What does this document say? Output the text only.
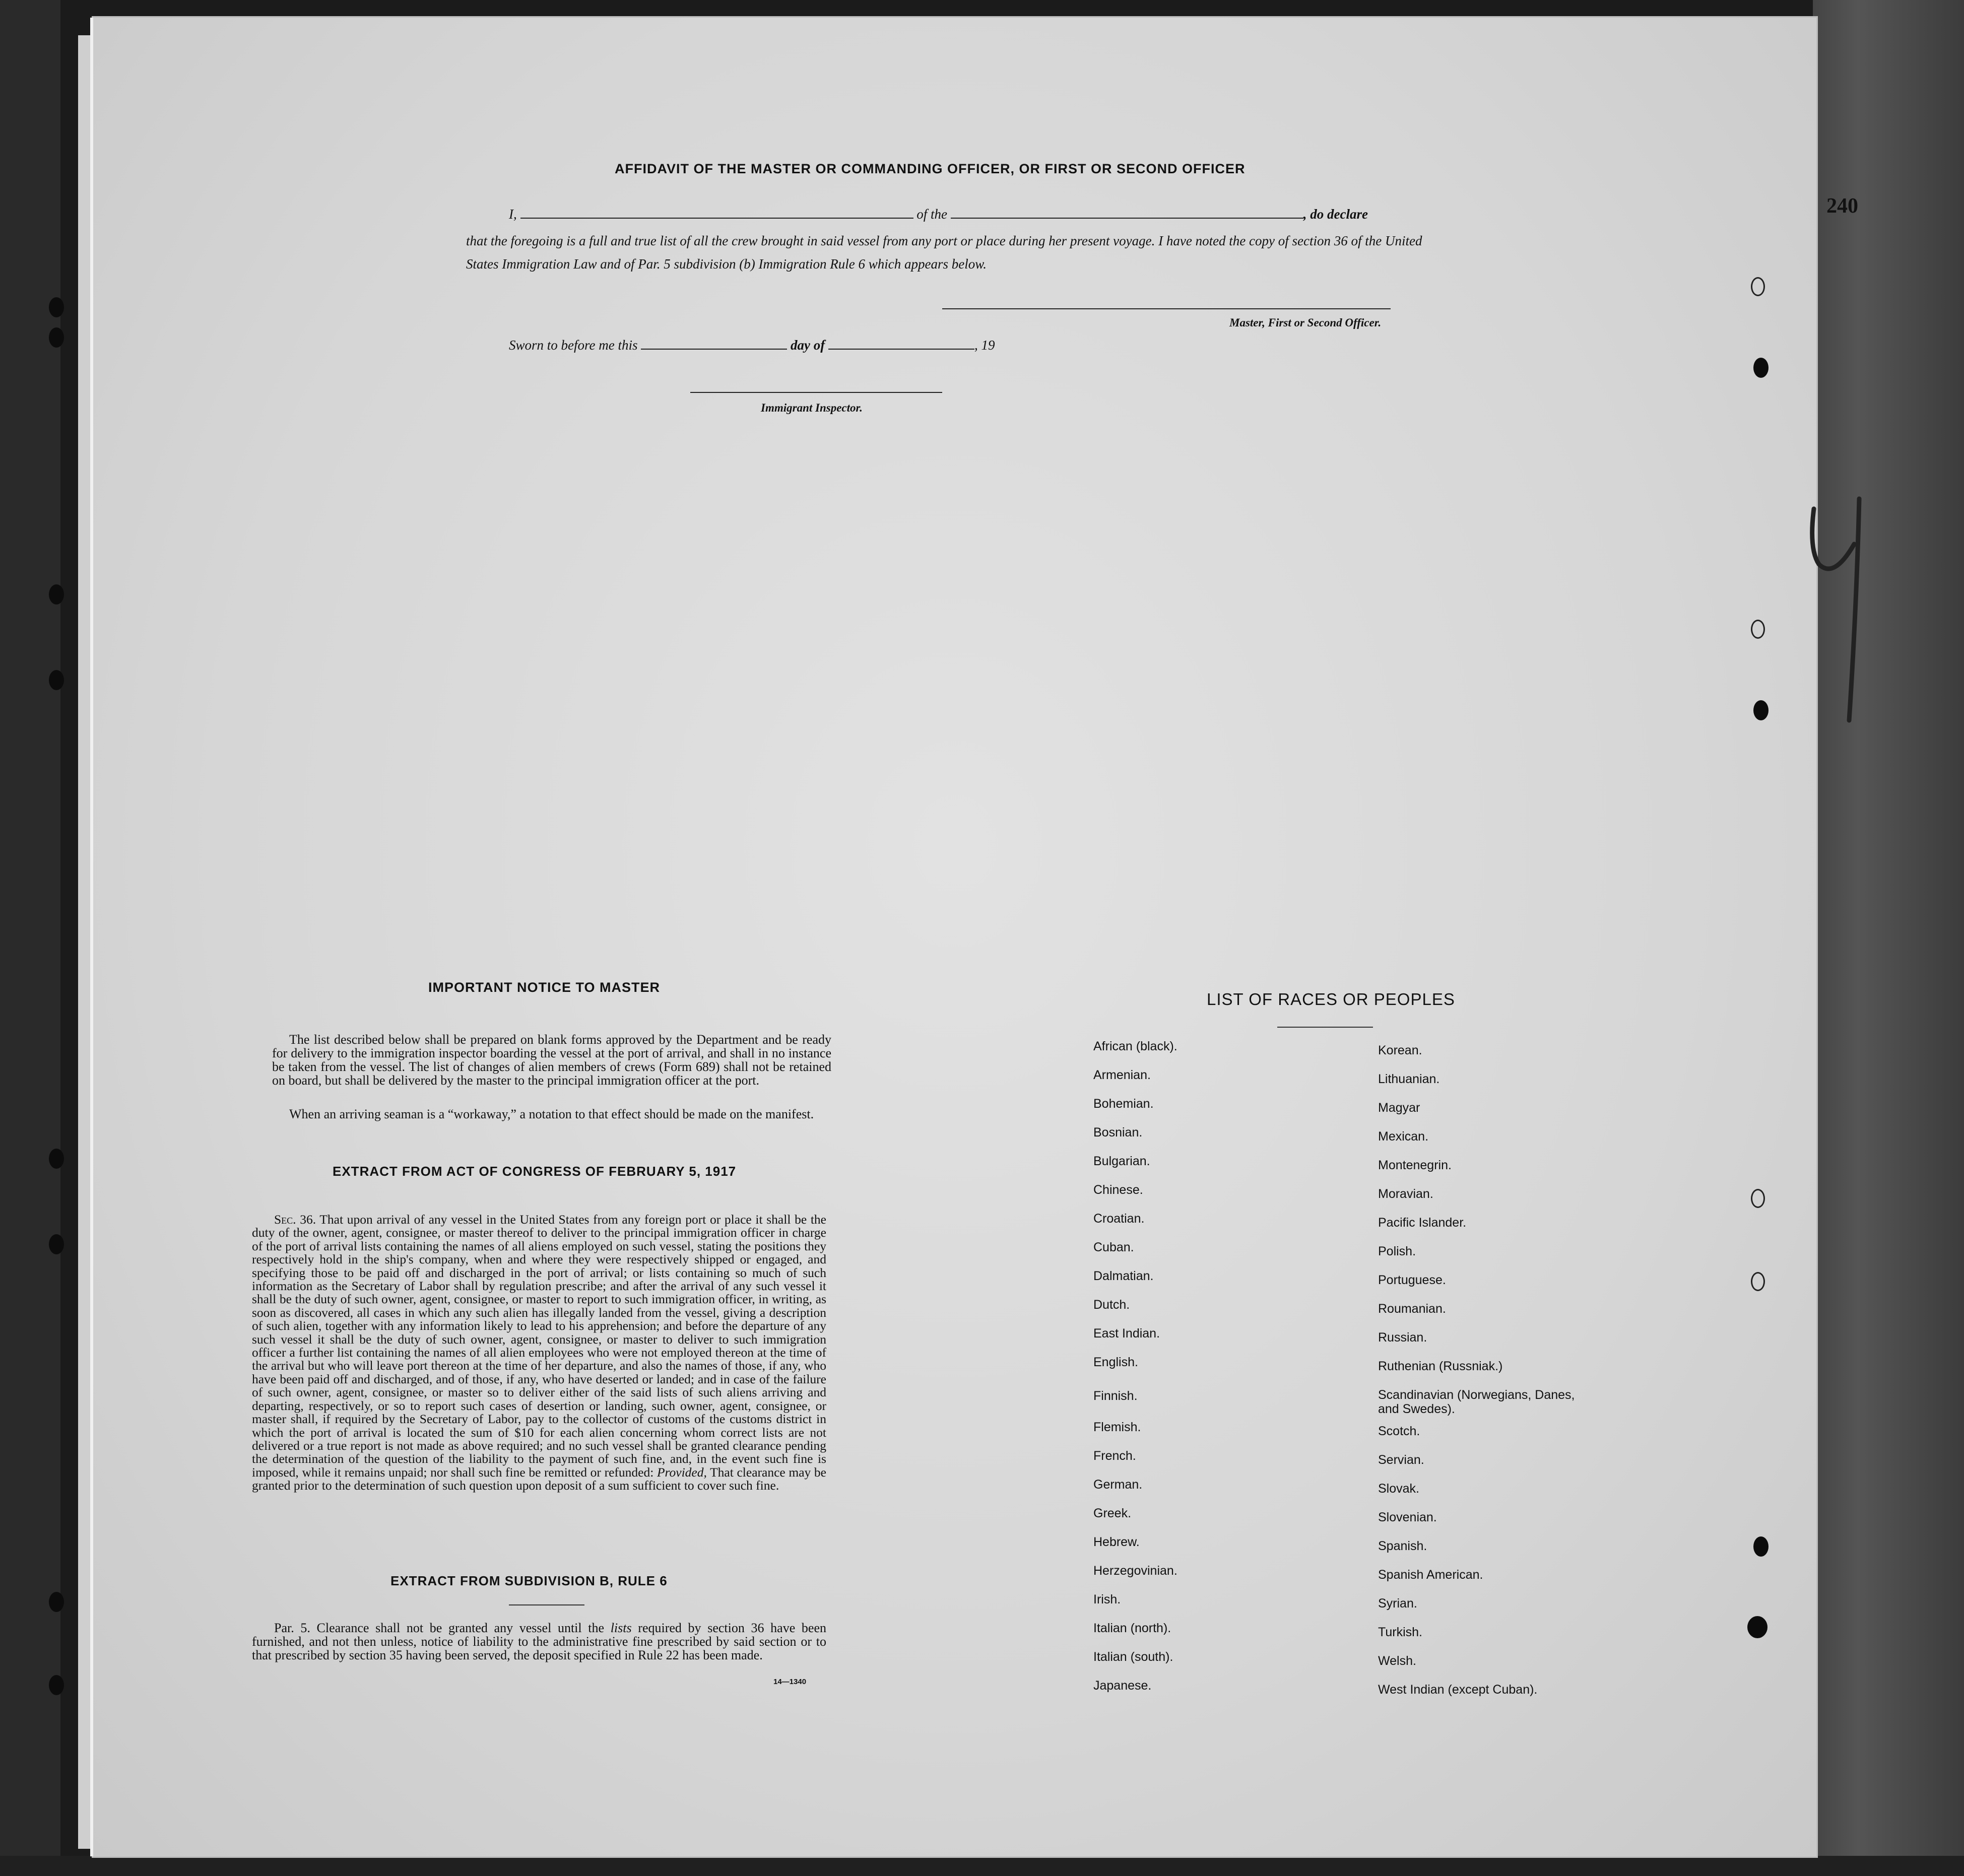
240
AFFIDAVIT OF THE MASTER OR COMMANDING OFFICER, OR FIRST OR SECOND OFFICER
I,	of the	, do declare
that the foregoing is a full and true list of all the crew brought in said vessel from any port or place during her present voyage. I have noted the copy of section 36 of the United States Immigration Law and of Par. 5 subdivision (b) Immigration Rule 6 which appears below.
Master, First or Second Officer.
Sworn to before me this	day of	, 19
Immigrant Inspector.
IMPORTANT NOTICE TO MASTER
The list described below shall be prepared on blank forms approved by the Department and be ready for delivery to the immigration inspector boarding the vessel at the port of arrival, and shall in no instance be taken from the vessel. The list of changes of alien members of crews (Form 689) shall not be retained on board, but shall be delivered by the master to the principal immigration officer at the port.
When an arriving seaman is a “workaway,” a notation to that effect should be made on the manifest.
EXTRACT FROM ACT OF CONGRESS OF FEBRUARY 5, 1917
Sec. 36. That upon arrival of any vessel in the United States from any foreign port or place it shall be the duty of the owner, agent, consignee, or master thereof to deliver to the principal immigration officer in charge of the port of arrival lists containing the names of all aliens employed on such vessel, stating the positions they respectively hold in the ship's company, when and where they were respectively shipped or engaged, and specifying those to be paid off and discharged in the port of arrival; or lists containing so much of such information as the Secretary of Labor shall by regulation prescribe; and after the arrival of any such vessel it shall be the duty of such owner, agent, consignee, or master to report to such immigration officer, in writing, as soon as discovered, all cases in which any such alien has illegally landed from the vessel, giving a description of such alien, together with any information likely to lead to his apprehension; and before the departure of any such vessel it shall be the duty of such owner, agent, consignee, or master to deliver to such immigration officer a further list containing the names of all alien employees who were not employed thereon at the time of the arrival but who will leave port thereon at the time of her departure, and also the names of those, if any, who have been paid off and discharged, and of those, if any, who have deserted or landed; and in case of the failure of such owner, agent, consignee, or master so to deliver either of the said lists of such aliens arriving and departing, respectively, or so to report such cases of desertion or landing, such owner, agent, consignee, or master shall, if required by the Secretary of Labor, pay to the collector of customs of the customs district in which the port of arrival is located the sum of $10 for each alien concerning whom correct lists are not delivered or a true report is not made as above required; and no such vessel shall be granted clearance pending the determination of the question of the liability to the payment of such fine, and, in the event such fine is imposed, while it remains unpaid; nor shall such fine be remitted or refunded: Provided, That clearance may be granted prior to the determination of such question upon deposit of a sum sufficient to cover such fine.
EXTRACT FROM SUBDIVISION B, RULE 6
Par. 5. Clearance shall not be granted any vessel until the lists required by section 36 have been furnished, and not then unless, notice of liability to the administrative fine prescribed by said section or to that prescribed by section 35 having been served, the deposit specified in Rule 22 has been made.
14—1340
LIST OF RACES OR PEOPLES
African (black).
Armenian.
Bohemian.
Bosnian.
Bulgarian.
Chinese.
Croatian.
Cuban.
Dalmatian.
Dutch.
East Indian.
English.
Finnish.
Flemish.
French.
German.
Greek.
Hebrew.
Herzegovinian.
Irish.
Italian (north).
Italian (south).
Japanese.
Korean.
Lithuanian.
Magyar
Mexican.
Montenegrin.
Moravian.
Pacific Islander.
Polish.
Portuguese.
Roumanian.
Russian.
Ruthenian (Russniak.)
Scandinavian (Norwegians, Danes, and Swedes).
Scotch.
Servian.
Slovak.
Slovenian.
Spanish.
Spanish American.
Syrian.
Turkish.
Welsh.
West Indian (except Cuban).
